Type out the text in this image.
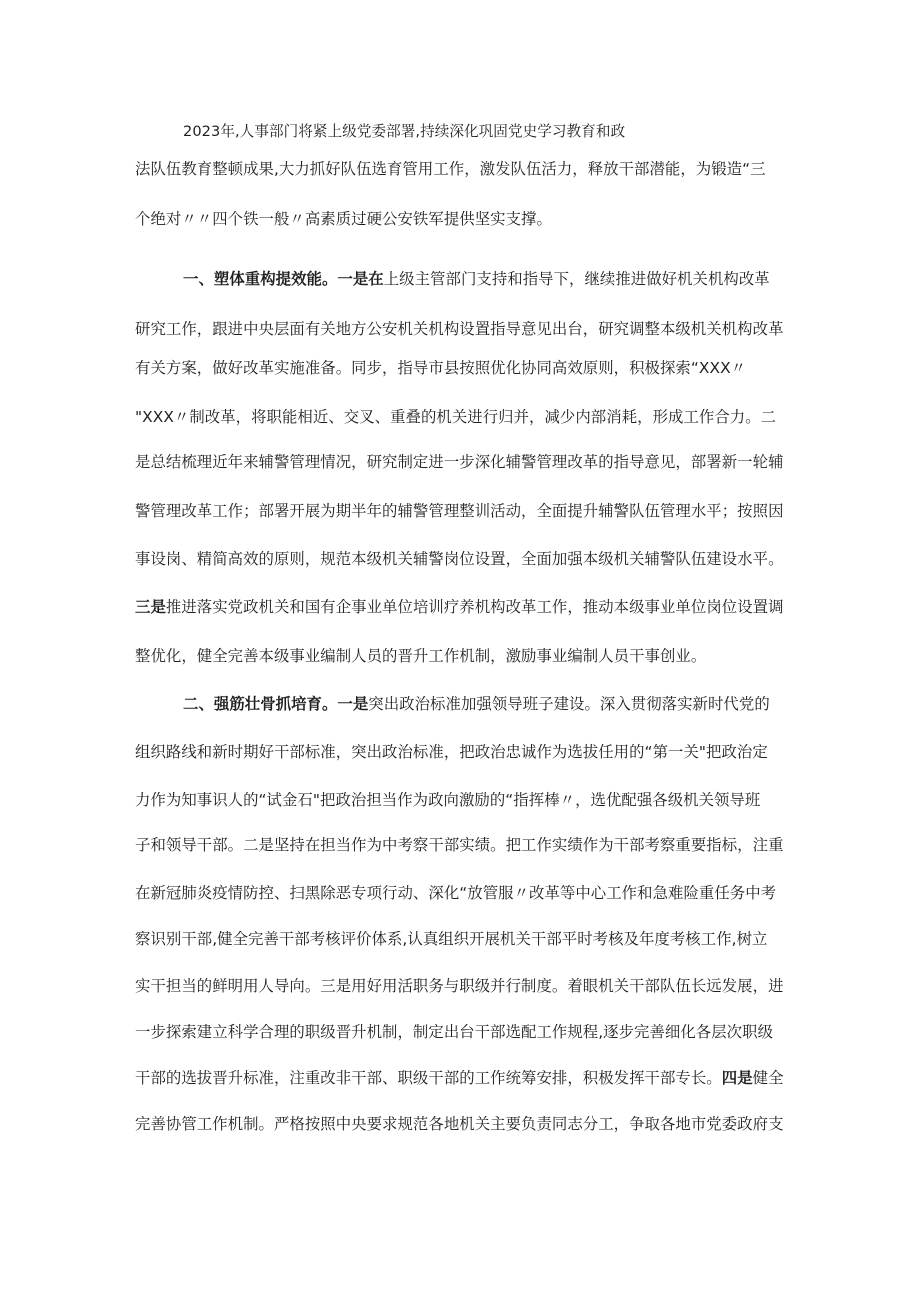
2023年,人事部门将紧上级党委部署,持续深化巩固党史学习教育和政
法队伍教育整顿成果,大力抓好队伍选育管用工作，激发队伍活力，释放干部潜能，为锻造“三
个绝对〃〃四个铁一般〃高素质过硬公安铁军提供坚实支撑。
一、塑体重构提效能。一是在上级主管部门支持和指导下，继续推进做好机关机构改革
研究工作，跟进中央层面有关地方公安机关机构设置指导意见出台，研究调整本级机关机构改革
有关方案，做好改革实施准备。同步，指导市县按照优化协同高效原则，积极探索“XXX〃
"XXX〃制改革，将职能相近、交叉、重叠的机关进行归并，减少内部消耗，形成工作合力。二
是总结梳理近年来辅警管理情况，研究制定进一步深化辅警管理改革的指导意见，部署新一轮辅
警管理改革工作；部署开展为期半年的辅警管理整训活动，全面提升辅警队伍管理水平；按照因
事设岗、精简高效的原则，规范本级机关辅警岗位设置，全面加强本级机关辅警队伍建设水平。
三是推进落实党政机关和国有企事业单位培训疗养机构改革工作，推动本级事业单位岗位设置调
整优化，健全完善本级事业编制人员的晋升工作机制，激励事业编制人员干事创业。
二、强筋壮骨抓培育。一是突出政治标准加强领导班子建设。深入贯彻落实新时代党的
组织路线和新时期好干部标准，突出政治标准，把政治忠诚作为选拔任用的“第一关"把政治定
力作为知事识人的“试金石"把政治担当作为政向激励的“指挥棒〃，选优配强各级机关领导班
子和领导干部。二是坚持在担当作为中考察干部实绩。把工作实绩作为干部考察重要指标，注重
在新冠肺炎疫情防控、扫黑除恶专项行动、深化“放管服〃改革等中心工作和急难险重任务中考
察识别干部,健全完善干部考核评价体系,认真组织开展机关干部平时考核及年度考核工作,树立
实干担当的鲜明用人导向。三是用好用活职务与职级并行制度。着眼机关干部队伍长远发展，进
一步探索建立科学合理的职级晋升机制，制定出台干部选配工作规程,逐步完善细化各层次职级
干部的选拔晋升标准，注重改非干部、职级干部的工作统筹安排，积极发挥干部专长。四是健全
完善协管工作机制。严格按照中央要求规范各地机关主要负责同志分工，争取各地市党委政府支
